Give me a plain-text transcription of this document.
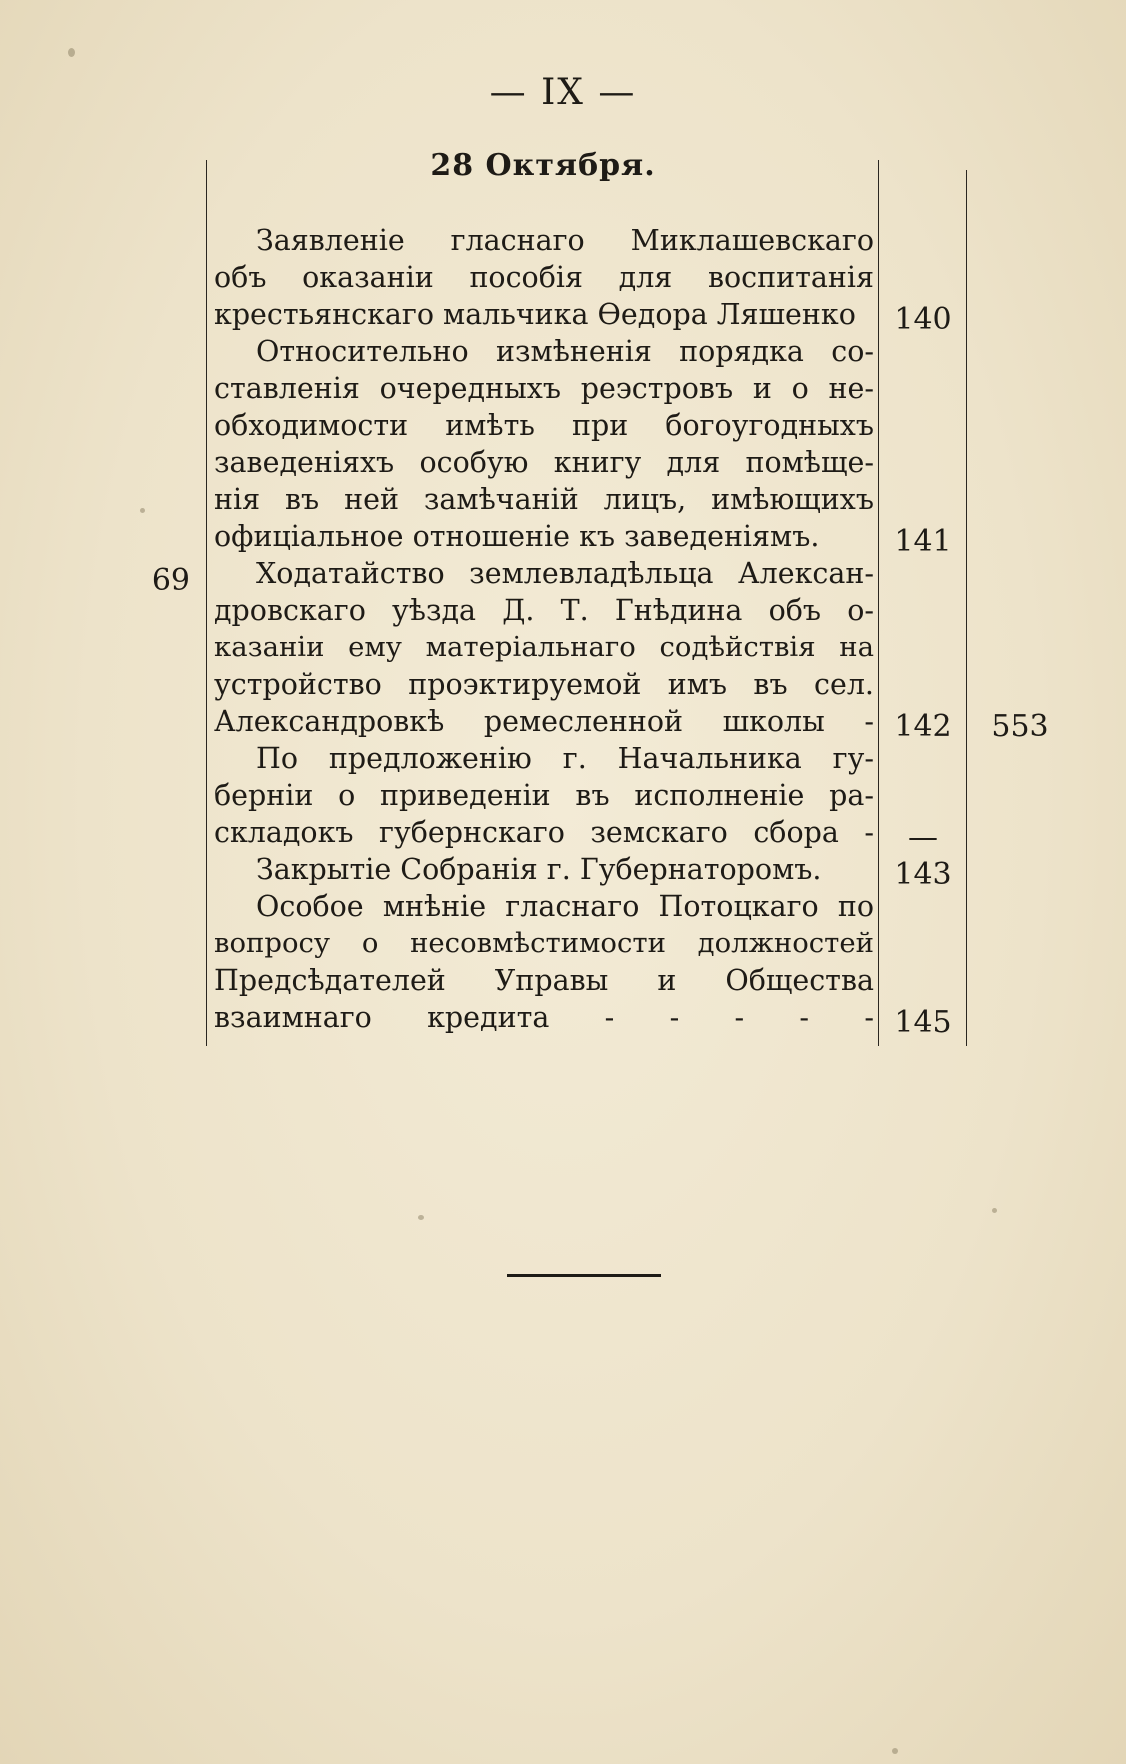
— IX —
28 Октября.
Заявленіе гласнаго Миклашевскаго
объ оказаніи пособія для воспитанія
крестьянскаго мальчика Өедора Ляшенко
Относительно измѣненія порядка со-
ставленія очередныхъ реэстровъ и о не-
обходимости имѣть при богоугодныхъ
заведеніяхъ особую книгу для помѣще-
нія въ ней замѣчаній лицъ, имѣющихъ
офиціальное отношеніе къ заведеніямъ.
Ходатайство землевладѣльца Алексан-
дровскаго уѣзда Д. Т. Гнѣдина объ о-
казаніи ему матеріальнаго содѣйствія на
устройство проэктируемой имъ въ сел.
Александровкѣ ремесленной школы -
По предложенію г. Начальника гу-
берніи о приведеніи въ исполненіе ра-
складокъ губернскаго земскаго сбора -
Закрытіе Собранія г. Губернаторомъ.
Особое мнѣніе гласнаго Потоцкаго по
вопросу о несовмѣстимости должностей
Предсѣдателей Управы и Общества
взаимнаго кредита - - - - -
140
141
142
—
143
145
69
553
